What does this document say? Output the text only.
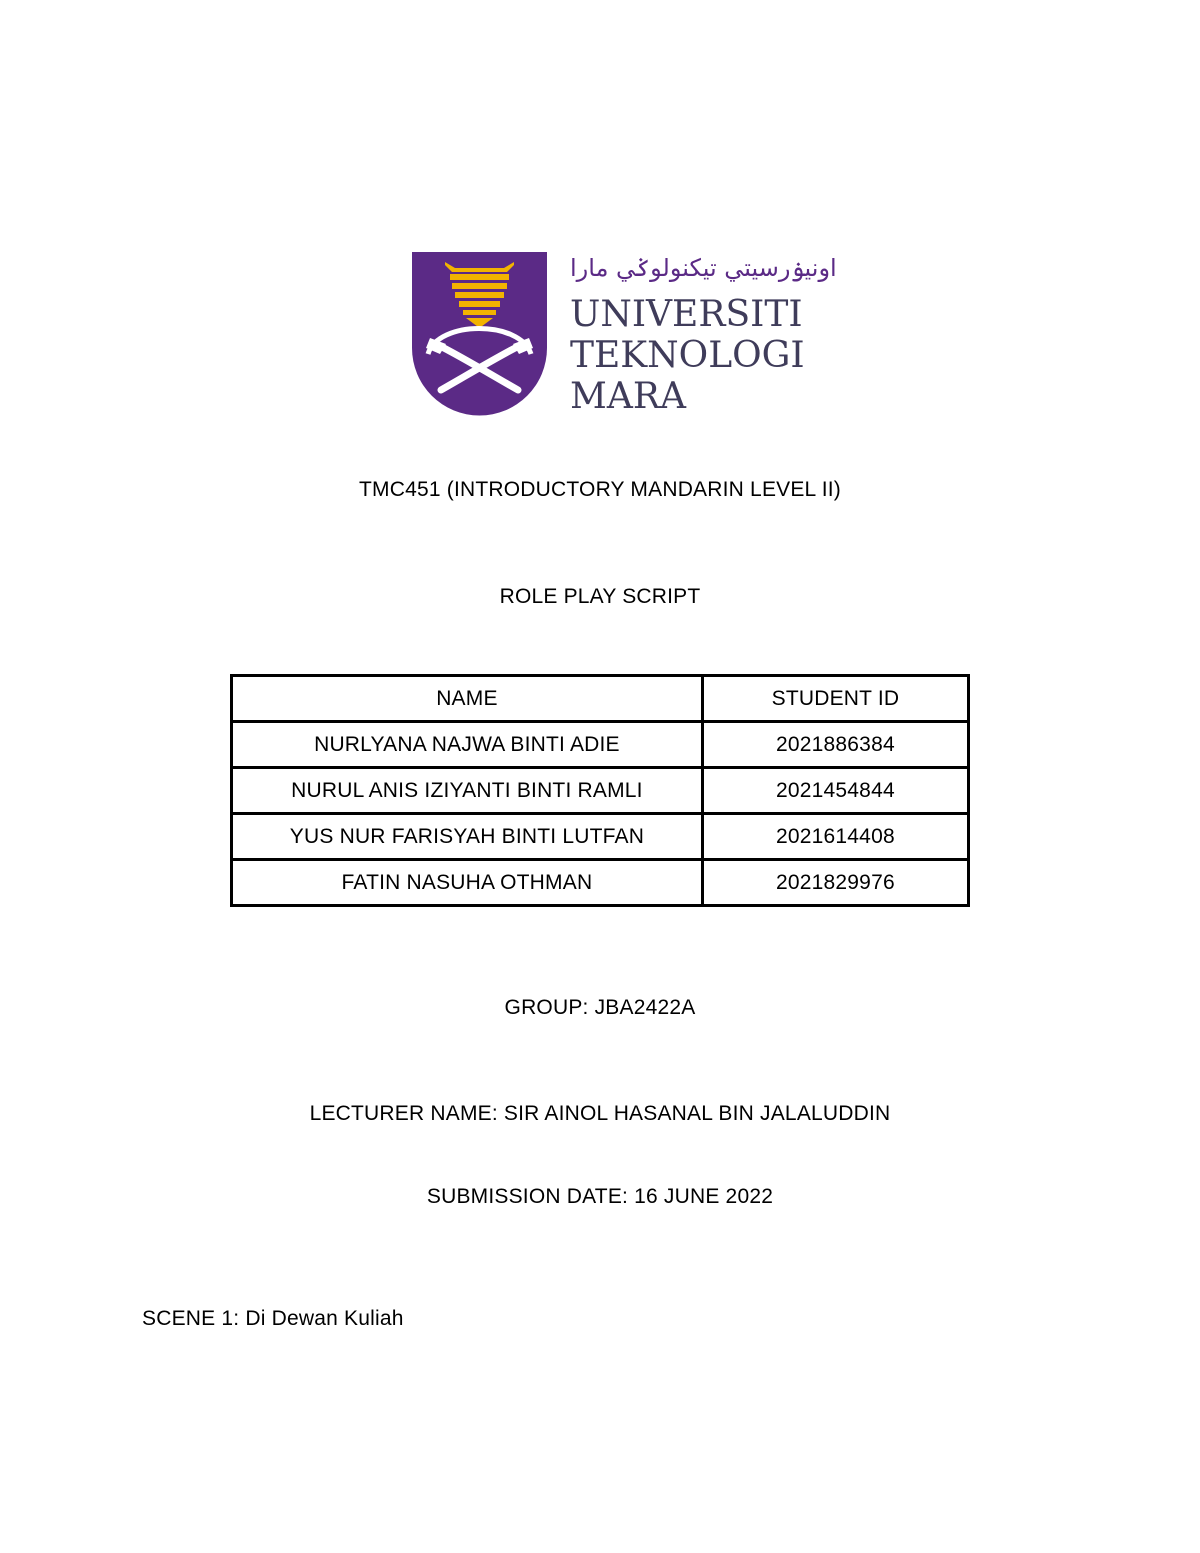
اونيۏرسيتي تيكنولوݢي مارا
UNIVERSITI
TEKNOLOGI
MARA
TMC451 (INTRODUCTORY MANDARIN LEVEL II)
ROLE PLAY SCRIPT
NAME	STUDENT ID
NURLYANA NAJWA BINTI ADIE	2021886384
NURUL ANIS IZIYANTI BINTI RAMLI	2021454844
YUS NUR FARISYAH BINTI LUTFAN	2021614408
FATIN NASUHA OTHMAN	2021829976
GROUP: JBA2422A
LECTURER NAME: SIR AINOL HASANAL BIN JALALUDDIN
SUBMISSION DATE: 16 JUNE 2022
SCENE 1: Di Dewan Kuliah
